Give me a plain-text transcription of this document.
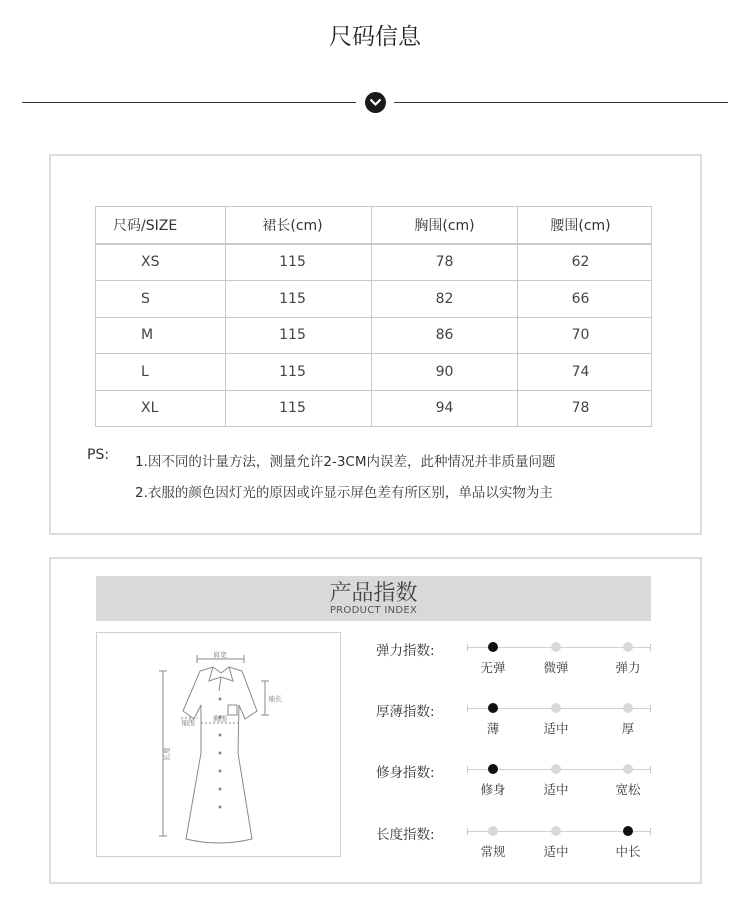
尺码信息
尺码/SIZE	裙长(cm)	胸围(cm)	腰围(cm)
XS	115	78	62
S	115	82	66
M	115	86	70
L	115	90	74
XL	115	94	78
PS: 1.因不同的计量方法，测量允许2-3CM内误差，此种情况并非质量问题
2.衣服的颜色因灯光的原因或许显示屏色差有所区别，单品以实物为主
产品指数
PRODUCT INDEX
肩宽
袖长
袖围	胸围
长度
弹力指数:
无弹	微弹	弹力
厚薄指数:
薄	适中	厚
修身指数:
修身	适中	宽松
长度指数:
常规	适中	中长
